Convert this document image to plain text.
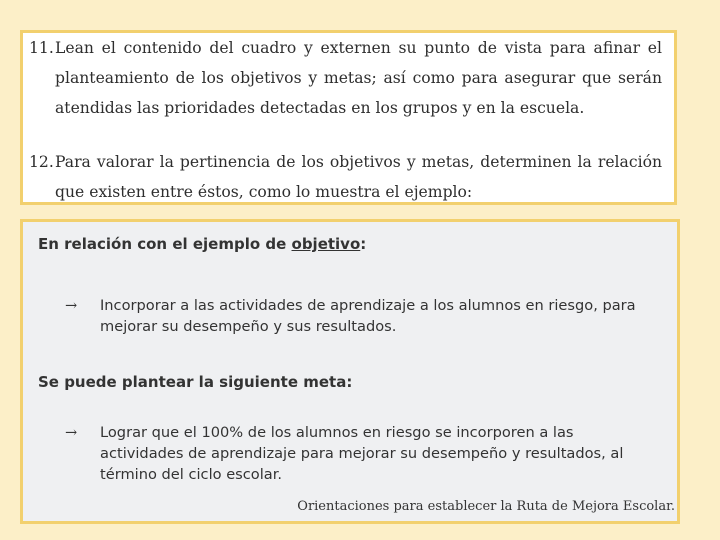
11. Lean el contenido del cuadro y externen su punto de vista para afinar el planteamiento de los objetivos y metas; así como para asegurar que serán atendidas las prioridades detectadas en los grupos y en la escuela.
12. Para valorar la pertinencia de los objetivos y metas, determinen la relación que existen entre éstos, como lo muestra el ejemplo:
En relación con el ejemplo de objetivo:
→ Incorporar a las actividades de aprendizaje a los alumnos en riesgo, para mejorar su desempeño y sus resultados.
Se puede plantear la siguiente meta:
→ Lograr que el 100% de los alumnos en riesgo se incorporen a las actividades de aprendizaje para mejorar su desempeño y resultados, al término del ciclo escolar.
Orientaciones para establecer la Ruta de Mejora Escolar.
